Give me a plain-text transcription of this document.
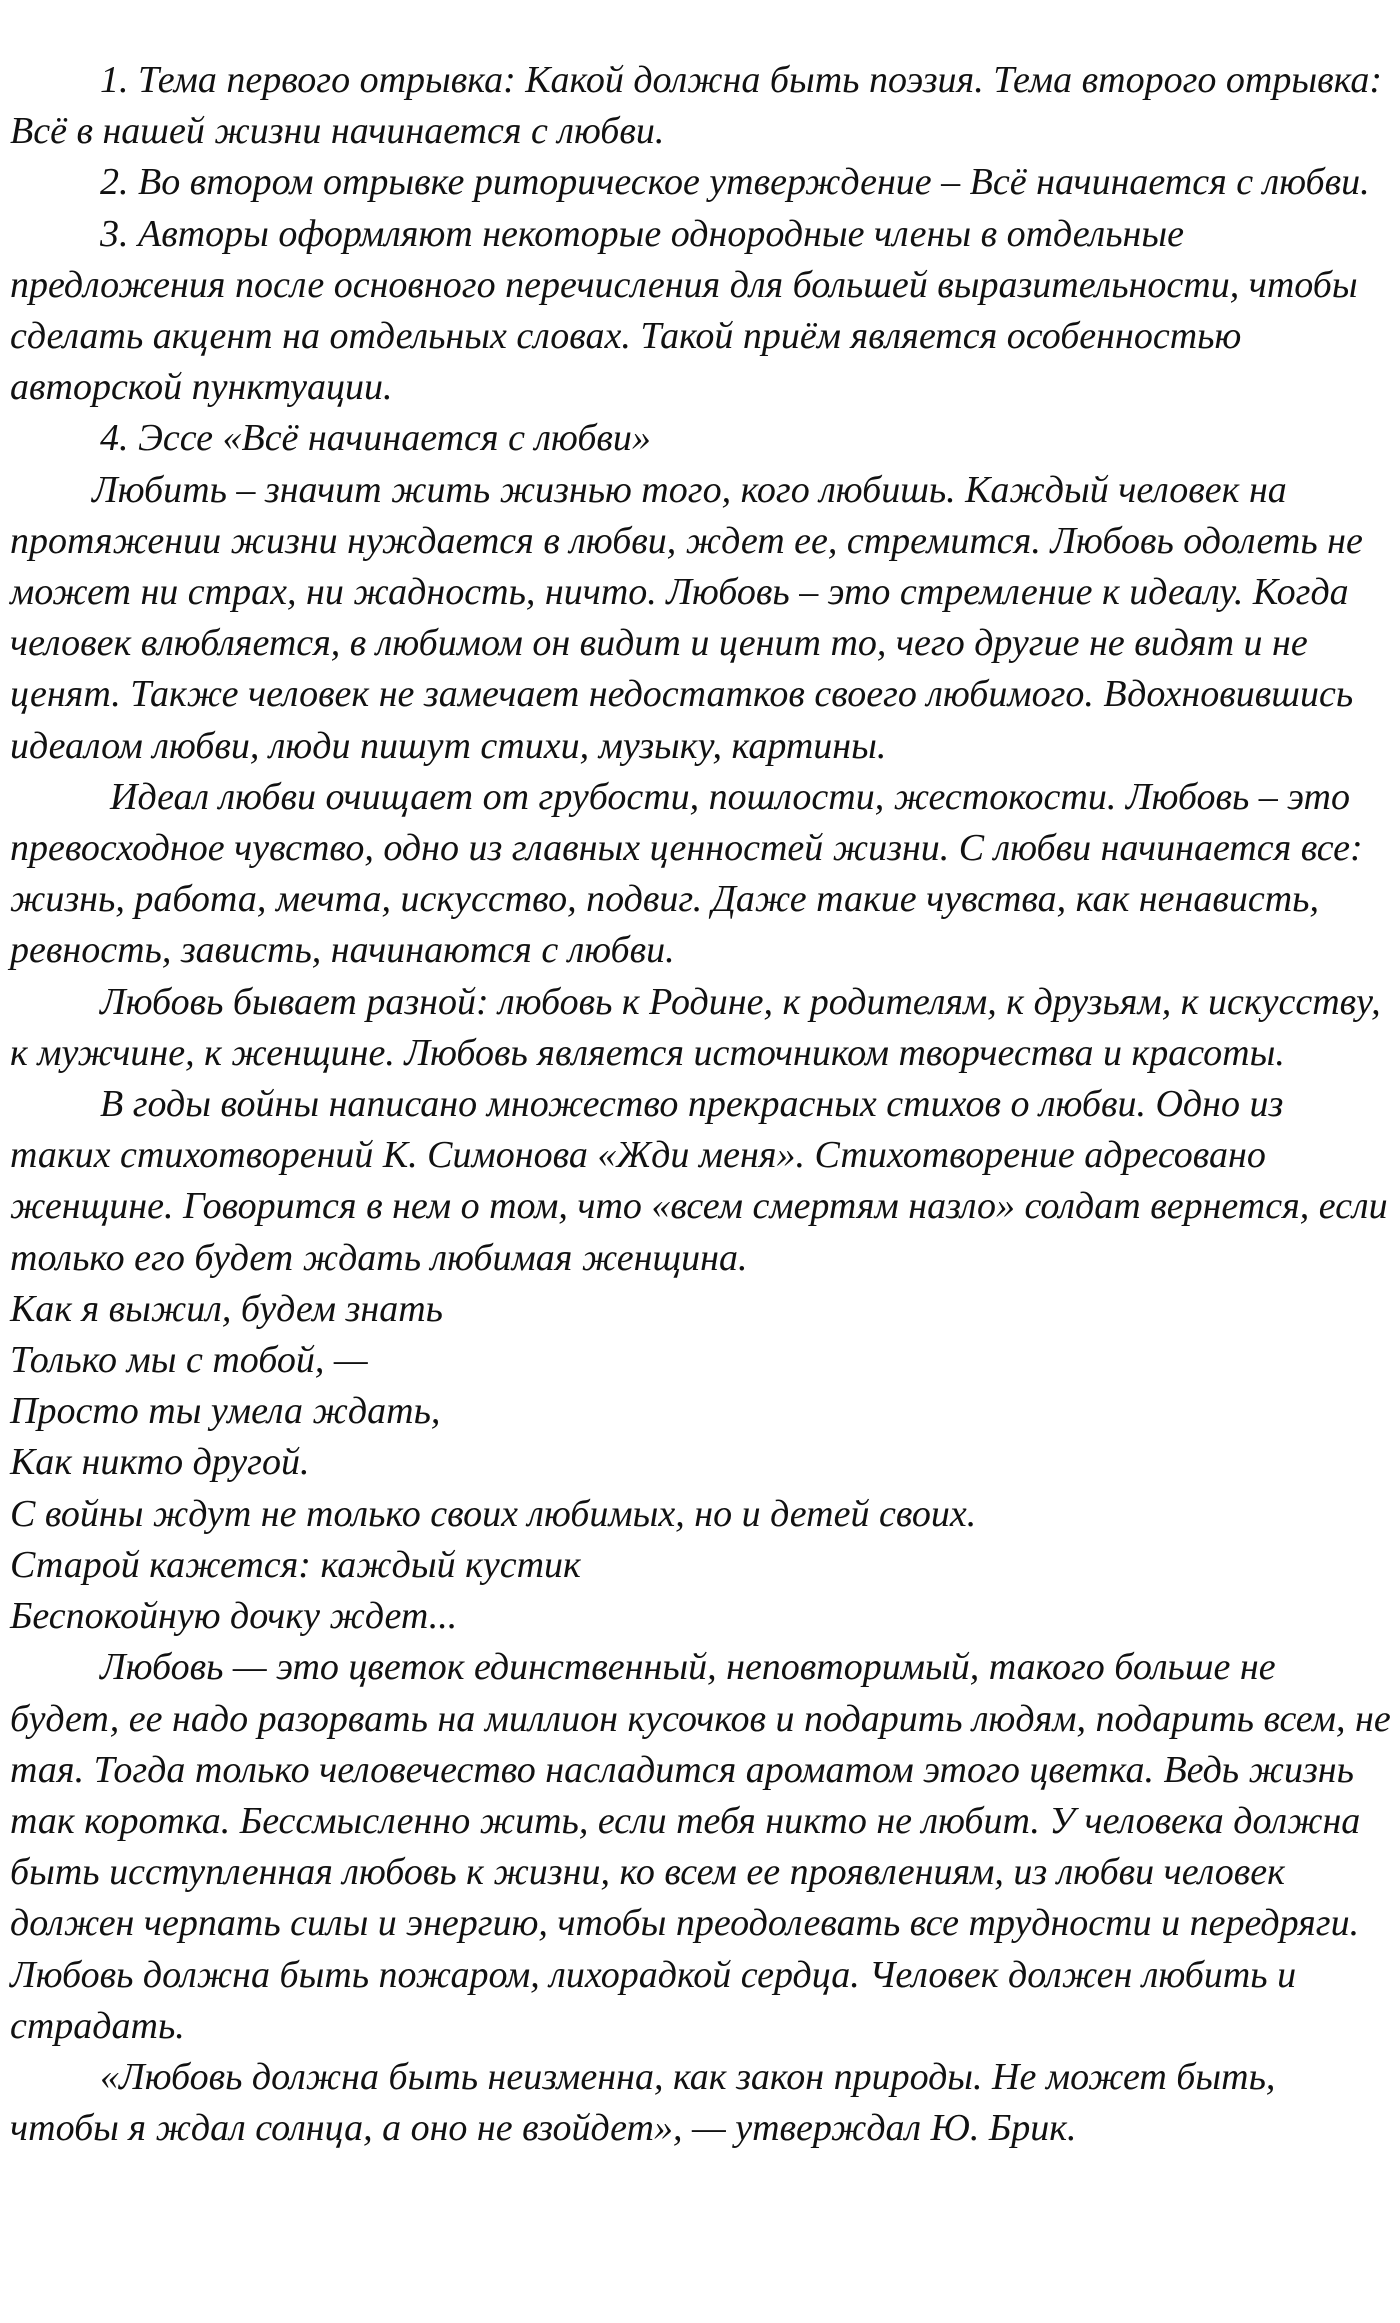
1. Тема первого отрывка: Какой должна быть поэзия. Тема второго отрывка: Всё в нашей жизни начинается с любви.

2. Во втором отрывке риторическое утверждение – Всё начинается с любви.

3. Авторы оформляют некоторые однородные члены в отдельные предложения после основного перечисления для большей выразительности, чтобы сделать акцент на отдельных словах. Такой приём является особенностью авторской пунктуации.

4. Эссе «Всё начинается с любви»

Любить – значит жить жизнью того, кого любишь. Каждый человек на протяжении жизни нуждается в любви, ждет ее, стремится. Любовь одолеть не может ни страх, ни жадность, ничто. Любовь – это стремление к идеалу. Когда человек влюбляется, в любимом он видит и ценит то, чего другие не видят и не ценят. Также человек не замечает недостатков своего любимого. Вдохновившись идеалом любви, люди пишут стихи, музыку, картины.

Идеал любви очищает от грубости, пошлости, жестокости. Любовь – это превосходное чувство, одно из главных ценностей жизни. С любви начинается все: жизнь, работа, мечта, искусство, подвиг. Даже такие чувства, как ненависть, ревность, зависть, начинаются с любви.

Любовь бывает разной: любовь к Родине, к родителям, к друзьям, к искусству, к мужчине, к женщине. Любовь является источником творчества и красоты.

В годы войны написано множество прекрасных стихов о любви. Одно из таких стихотворений К. Симонова «Жди меня». Стихотворение адресовано женщине. Говорится в нем о том, что «всем смертям назло» солдат вернется, если только его будет ждать любимая женщина.

Как я выжил, будем знать

Только мы с тобой, —

Просто ты умела ждать,

Как никто другой.

С войны ждут не только своих любимых, но и детей своих.

Старой кажется: каждый кустик

Беспокойную дочку ждет...

Любовь — это цветок единственный, неповторимый, такого больше не будет, ее надо разорвать на миллион кусочков и подарить людям, подарить всем, не тая. Тогда только человечество насладится ароматом этого цветка. Ведь жизнь так коротка. Бессмысленно жить, если тебя никто не любит. У человека должна быть исступленная любовь к жизни, ко всем ее проявлениям, из любви человек должен черпать силы и энергию, чтобы преодолевать все трудности и передряги. Любовь должна быть пожаром, лихорадкой сердца. Человек должен любить и страдать.

«Любовь должна быть неизменна, как закон природы. Не может быть, чтобы я ждал солнца, а оно не взойдет», — утверждал Ю. Брик.
